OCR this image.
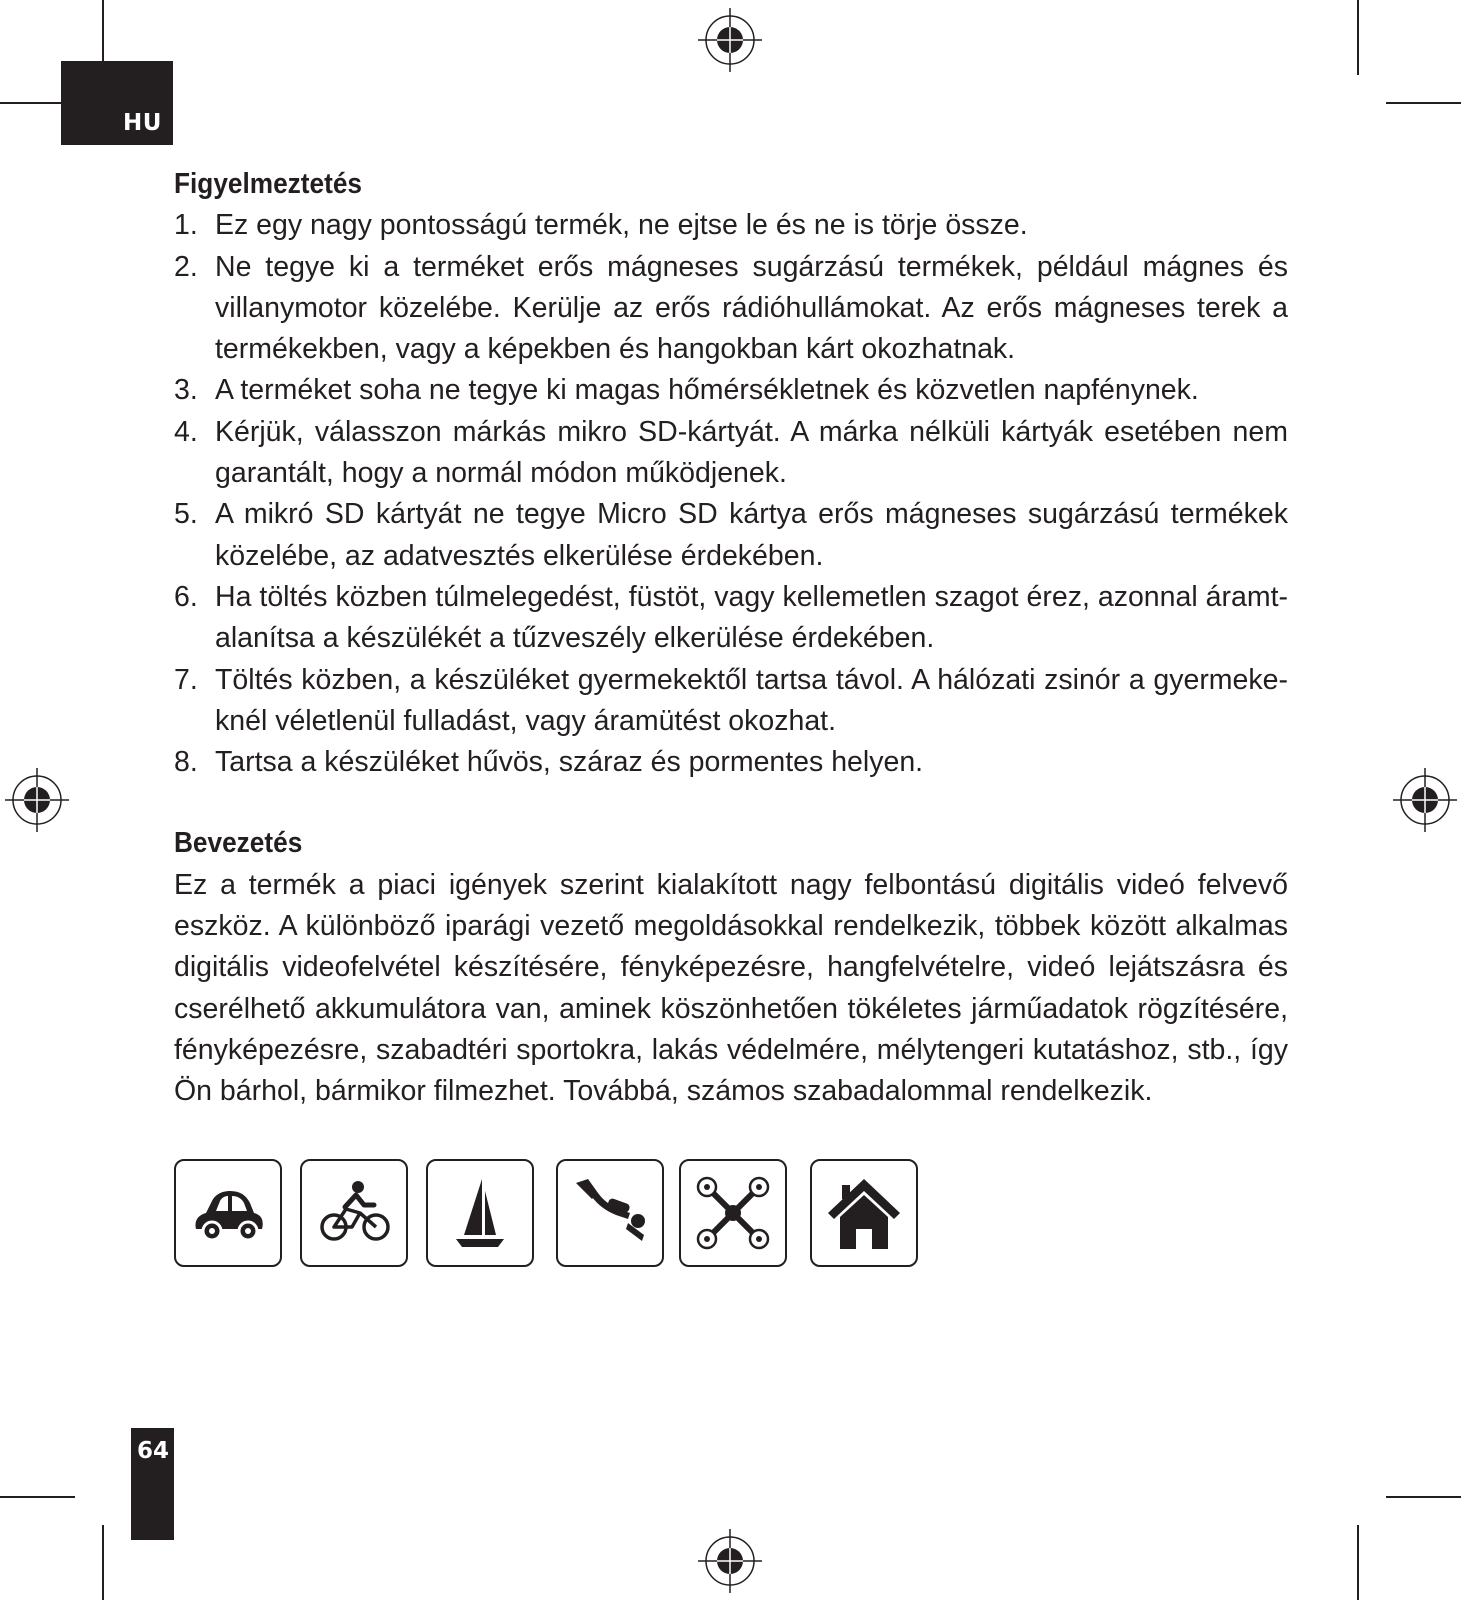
HU
Figyelmeztetés
1. Ez egy nagy pontosságú termék, ne ejtse le és ne is törje össze.
2. Ne tegye ki a terméket erős mágneses sugárzású termékek, például mágnes és villanymotor közelébe. Kerülje az erős rádióhullámokat. Az erős mágneses terek a termékekben, vagy a képekben és hangokban kárt okozhatnak.
3. A terméket soha ne tegye ki magas hőmérsékletnek és közvetlen napfénynek.
4. Kérjük, válasszon márkás mikro SD-kártyát. A márka nélküli kártyák esetében nem garantált, hogy a normál módon működjenek.
5. A mikró SD kártyát ne tegye Micro SD kártya erős mágneses sugárzású termékek közelébe, az adatvesztés elkerülése érdekében.
6. Ha töltés közben túlmelegedést, füstöt, vagy kellemetlen szagot érez, azonnal áramt-alanítsa a készülékét a tűzveszély elkerülése érdekében.
7. Töltés közben, a készüléket gyermekektől tartsa távol. A hálózati zsinór a gyermeke-knél véletlenül fulladást, vagy áramütést okozhat.
8. Tartsa a készüléket hűvös, száraz és pormentes helyen.
Bevezetés

Ez a termék a piaci igények szerint kialakított nagy felbontású digitális videó felvevő eszköz. A különböző iparági vezető megoldásokkal rendelkezik, többek között alkalmas digitális videofelvétel készítésére, fényképezésre, hangfelvételre, videó lejátszásra és cserélhető akkumulátora van, aminek köszönhetően tökéletes járműadatok rögzítésére, fényképezésre, szabadtéri sportokra, lakás védelmére, mélytengeri kutatáshoz, stb., így Ön bárhol, bármikor filmezhet. Továbbá, számos szabadalommal rendelkezik.

64
